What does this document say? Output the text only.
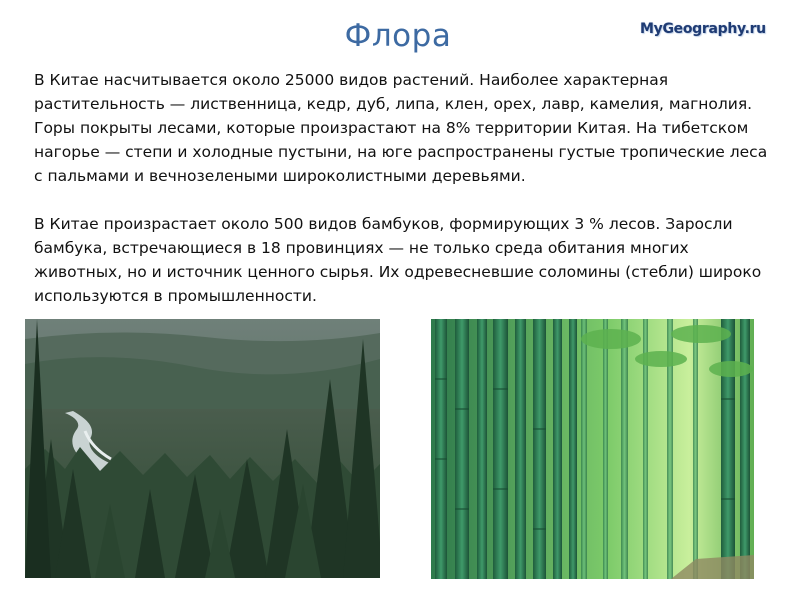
Флора	MyGeography.ru

В Китае насчитывается около 25000 видов растений. Наиболее характерная растительность — лиственница, кедр, дуб, липа, клен, орех, лавр, камелия, магнолия. Горы покрыты лесами, которые произрастают на 8% территории Китая. На тибетском нагорье — степи и холодные пустыни, на юге распространены густые тропические леса с пальмами и вечнозелеными широколистными деревьями.

В Китае произрастает около 500 видов бамбуков, формирующих 3 % лесов. Заросли бамбука, встречающиеся в 18 провинциях — не только среда обитания многих животных, но и источник ценного сырья. Их одревесневшие соломины (стебли) широко используются в промышленности.
